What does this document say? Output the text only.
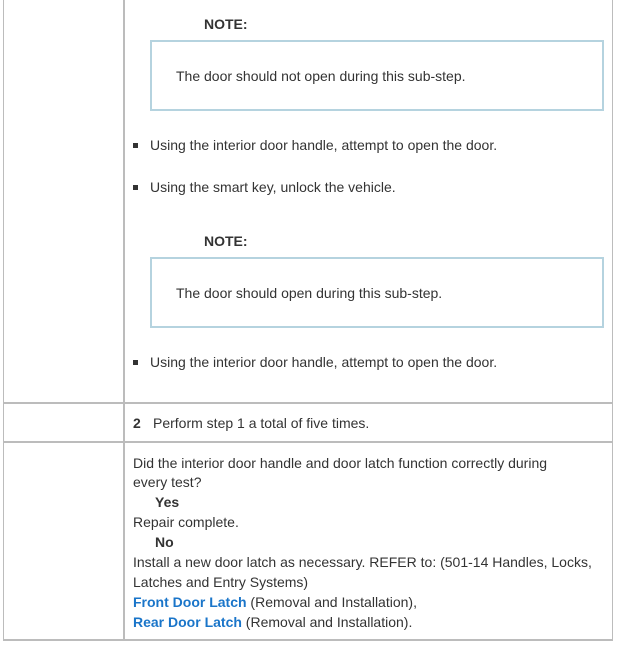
NOTE:
The door should not open during this sub-step.
Using the interior door handle, attempt to open the door.
Using the smart key, unlock the vehicle.
NOTE:
The door should open during this sub-step.
Using the interior door handle, attempt to open the door.
2 Perform step 1 a total of five times.
Did the interior door handle and door latch function correctly during
every test?
Yes
Repair complete.
No
Install a new door latch as necessary. REFER to: (501-14 Handles, Locks,
Latches and Entry Systems)
Front Door Latch (Removal and Installation),
Rear Door Latch (Removal and Installation).
